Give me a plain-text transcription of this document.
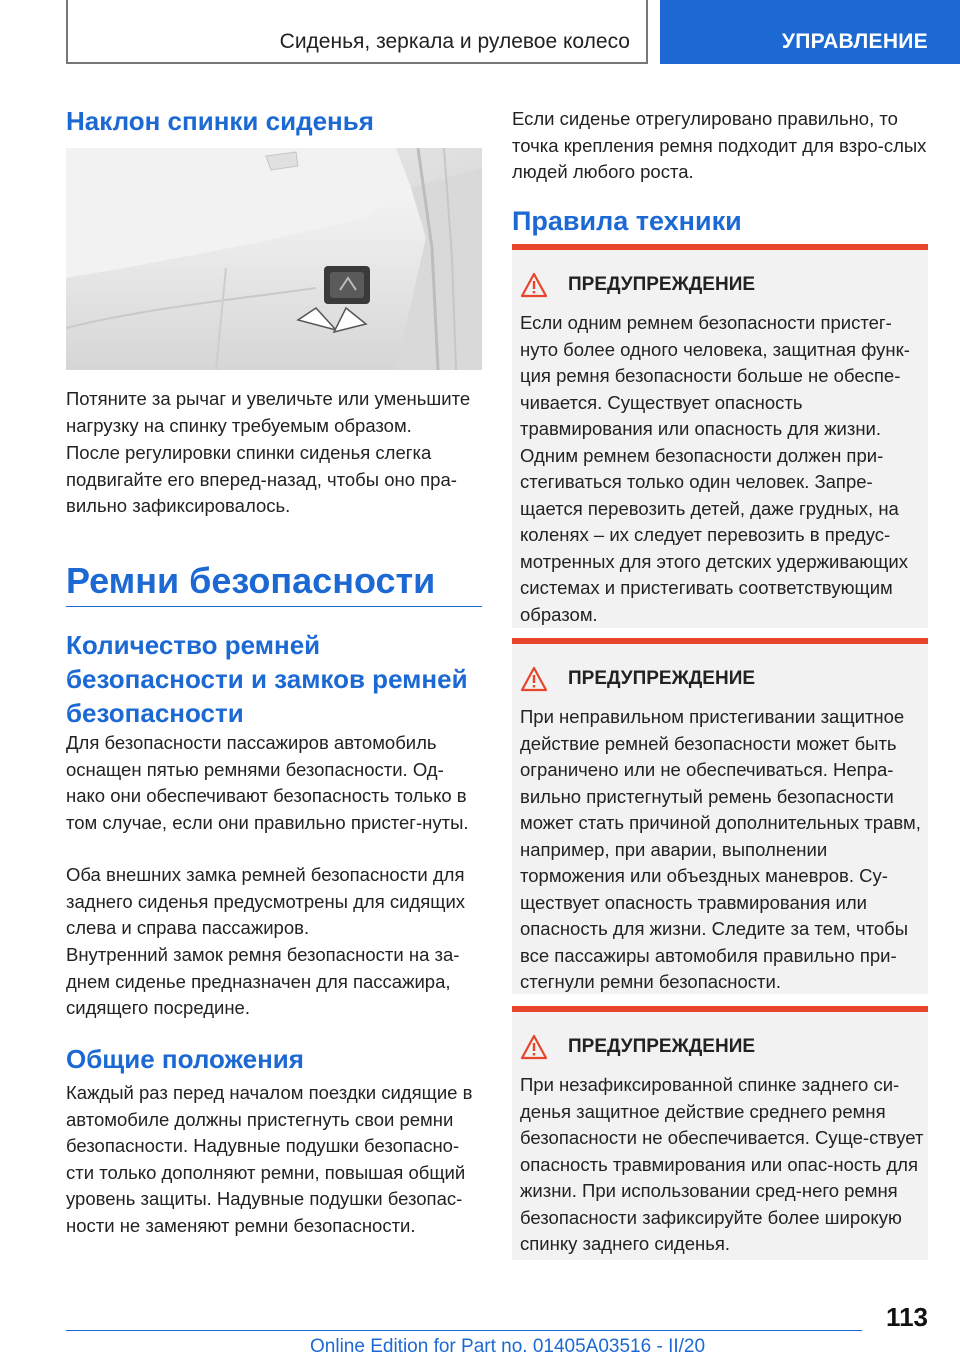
Сиденья, зеркала и рулевое колесо	УПРАВЛЕНИЕ
Наклон спинки сиденья

Потяните за рычаг и увеличьте или уменьшите нагрузку на спинку требуемым образом.

После регулировки спинки сиденья слегка подвигайте его вперед-назад, чтобы оно пра-вильно зафиксировалось.

Ремни безопасности
Количество ремней безопасности и замков ремней безопасности

Для безопасности пассажиров автомобиль оснащен пятью ремнями безопасности. Од-нако они обеспечивают безопасность только в том случае, если они правильно пристег-нуты.

Оба внешних замка ремней безопасности для заднего сиденья предусмотрены для сидящих слева и справа пассажиров.

Внутренний замок ремня безопасности на за-днем сиденье предназначен для пассажира, сидящего посредине.

Общие положения

Каждый раз перед началом поездки сидящие в автомобиле должны пристегнуть свои ремни безопасности. Надувные подушки безопасно-сти только дополняют ремни, повышая общий уровень защиты. Надувные подушки безопас-ности не заменяют ремни безопасности.

Если сиденье отрегулировано правильно, то точка крепления ремня подходит для взро-слых людей любого роста.

Правила техники
ПРЕДУПРЕЖДЕНИЕ

Если одним ремнем безопасности пристег-нуто более одного человека, защитная функ-ция ремня безопасности больше не обеспе-чивается. Существует опасность травмирования или опасность для жизни. Одним ремнем безопасности должен при-стегиваться только один человек. Запре-щается перевозить детей, даже грудных, на коленях – их следует перевозить в предус-мотренных для этого детских удерживающих системах и пристегивать соответствующим образом.

ПРЕДУПРЕЖДЕНИЕ

При неправильном пристегивании защитное действие ремней безопасности может быть ограничено или не обеспечиваться. Непра-вильно пристегнутый ремень безопасности может стать причиной дополнительных травм, например, при аварии, выполнении торможения или объездных маневров. Су-ществует опасность травмирования или опасность для жизни. Следите за тем, чтобы все пассажиры автомобиля правильно при-стегнули ремни безопасности.

ПРЕДУПРЕЖДЕНИЕ

При незафиксированной спинке заднего си-денья защитное действие среднего ремня безопасности не обеспечивается. Суще-ствует опасность травмирования или опас-ность для жизни. При использовании сред-него ремня безопасности зафиксируйте более широкую спинку заднего сиденья.

113
Online Edition for Part no. 01405A03516 - II/20
